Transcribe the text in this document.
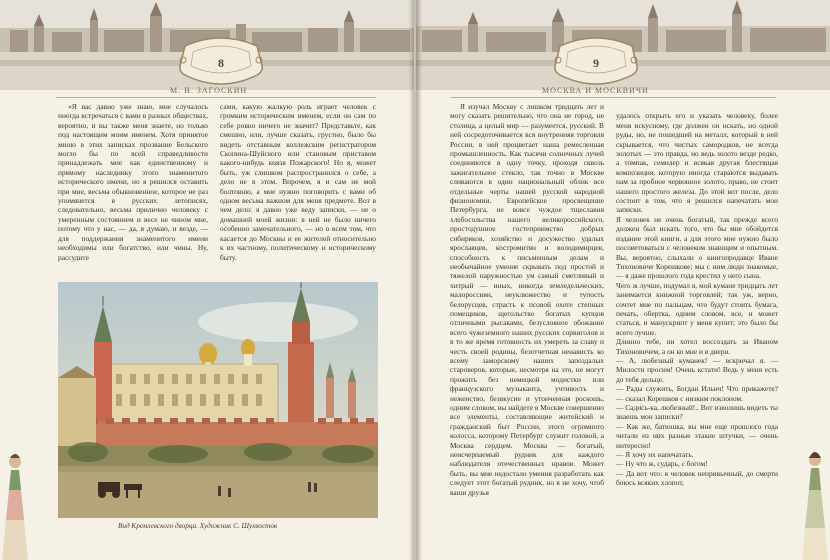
8
М. Н. ЗАГОСКИН

«Я вас давно уже знаю, мне случалось иногда встречаться с вами в разных обществах, вероятно, и вы также меня знаете, но только под настоящим моим именем. Хотя принятое мною в этих записках прозвание Бельского могло бы по всей справедливости принадлежать мне как единственному и прямому наследнику этого знаменитого исторического имени, но я решился оставить при мне, весьма обыкновенное, которое не раз упомянется в русских летописях, следовательно, весьма прилично человеку с умеренным состоянием и весе не чином мне, потому что у нас, — да, я думаю, и везде, — для поддержания знаменитого имени необходимы или богатство, или чины. Ну, рассудите

сами, какую жалкую роль играет человек с громким историческим именем, если он сам по себе ровно ничего не значит? Представьте, как смешно, или, лучше сказать, грустно, было бы видеть отставным коллежским регистратором Скопина-Шуйского или становым приставом какого-нибудь князя Пожарского! Но я, может быть, уж слишком распространился о себе, а дело не в этом. Впрочем, я и сам не мой болтовню, а мне нужно поговорить с вами об одном весьма важном для меня предмете. Вот в чем дело: я давно уже веду записки, — не о домашней моей жизни: в ней не было ничего особенно замечательного, — но о всем том, что касается до Москвы и ее жителей относительно к их частному, политическому и историческому быту.

Вид Кремлевского дворца. Художник С. Шухвостов
9
МОСКВА И МОСКВИЧИ

Я изучал Москву с лишком тридцать лет и могу сказать решительно, что она не город, не столица, а целый мир — разумеется, русский. В ней сосредоточивается вся внутренняя торговля России, в ней процветает наша ремесленная промышленность. Как тысячи солнечных лучей соединяются в одну точку, проходя сквозь зажигательное стекло, так точно в Москве сливаются в один национальный облик все отдельные черты нашей русской народной физиономии. Европейское просвещение Петербурга, не вовсе чуждое тщеславия хлебосольства нашего великороссийского, простодушное гостеприимство добрых сибиряков, хозяйство и досужество удалых ярославцев, костромитян и володимирцев, способность к письменным делам и необычайное умение скрывать под простой и тяжелой наружностью ум самый сметливый и хитрый — иных, никогда земледельческих, малороссиян, неуклюжество и тупость белорусцев, страсть к псовой охоте степных помещиков, щегольство богатых купцов отличными рысаками, безусловное обожание всего чужеземного наших русских сорвиголов и в то же время готовность их умереть за славу и честь своей родины, безотчетная ненависть ко всему заморскому наших запоздалых староверов, которые, несмотря на это, не могут прожить без немецкой модистки или французского музыканта, учтивость и неженство, безвкусие и утонченная роскошь, одним словом, вы найдете в Москве совершенно все элементы, составляющие житейский и гражданский быт России, этого огромного колосса, которому Петербург служит головой, а Москва сердцем. Москва — богатый, неисчерпаемый рудник для каждого наблюдателя отечественных нравов. Может быть, вы мне недостало умения разработать как следует этот богатый рудник, но я не хочу, чтоб ваши друзья

удалось открыть его и указать человеку, более меня искусному, где должен он искать, но одной руды, но, не пошедшей на металл, который в ней скрывается, что чистых самородков, не всегда золотых — это правда, но ведь золото везде редко, а томпак, семилер и всякая другая блестящая композиция, которую иногда стараются выдавать нам за пробное червонное золото, право, не стоит нашего простого железа. До этой вот после, дело состоит в том, что я решился напечатать мои записки.
Я человек не очень богатый, так прежде всего должен был искать того, что бы мне обойдется издание этой книги, а для этого мне нужно было посоветоваться с человеком знающим и опытным. Вы, вероятно, слыхали о книгопродавце Иване Тихоновиче Корешкове; мы с ним люди знакомые, — я даже прошлого года крестил у него сына.
Чего ж лучше, подумал я, мой кумане тридцать лет занимается книжной торговлей; так уж, верно, сочтет мне по пальцам, что будут стоить бумага, печать, обертка, одним словом, все, и может статься, и манускрипт у меня купит; это было бы всего лучше.
Длинно тебе, ни хотел воссоздать за Иваном Тихоновичем, а он ко мне и в двери.
— А, любезный куманек! — вскричал я. — Милости просим! Очень кстати! Ведь у меня есть до тебя дельце.
— Рады служить, Богдан Ильич! Что прикажете? — сказал Корешков с низким поклоном.
— Садись-ка, любезный!.. Вот изволишь видеть ты знаешь мои записки?
— Как же, батюшка, вы мне еще прошлого года читали из них разные этакие штучки, — очень интересно!
— Я хочу их напечатать.
— Ну что ж, сударь, с богом!
— Да вот что: я человек непривычный, до смерти боюсь всяких хлопот,
